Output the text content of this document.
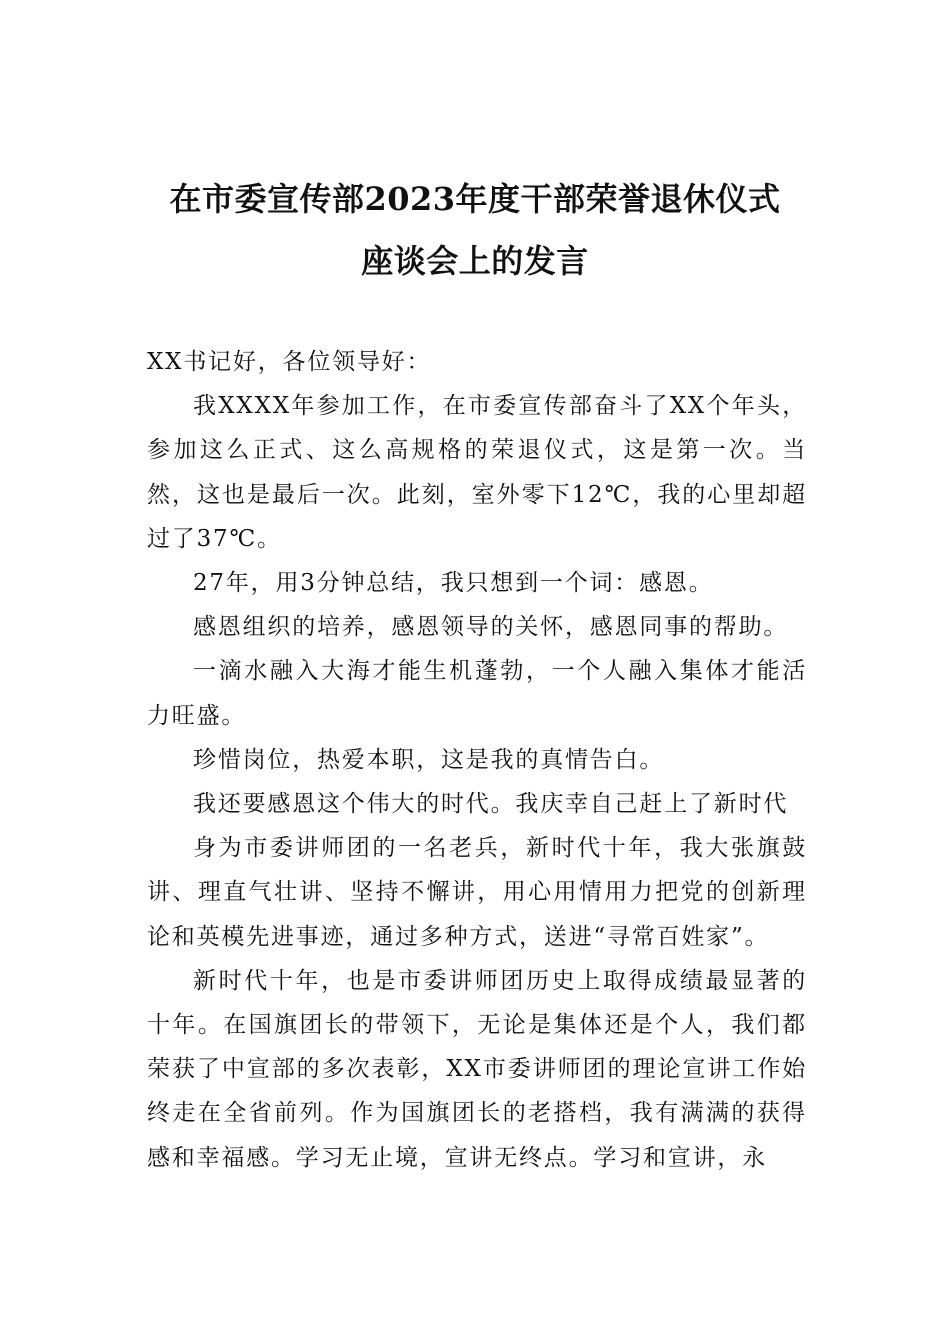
在市委宣传部2023年度干部荣誉退休仪式
座谈会上的发言

XX书记好，各位领导好：

我XXXX年参加工作，在市委宣传部奋斗了XX个年头，参加这么正式、这么高规格的荣退仪式，这是第一次。当然，这也是最后一次。此刻，室外零下12℃，我的心里却超过了37℃。

27年，用3分钟总结，我只想到一个词：感恩。

感恩组织的培养，感恩领导的关怀，感恩同事的帮助。

一滴水融入大海才能生机蓬勃，一个人融入集体才能活力旺盛。

珍惜岗位，热爱本职，这是我的真情告白。

我还要感恩这个伟大的时代。我庆幸自己赶上了新时代

身为市委讲师团的一名老兵，新时代十年，我大张旗鼓讲、理直气壮讲、坚持不懈讲，用心用情用力把党的创新理论和英模先进事迹，通过多种方式，送进“寻常百姓家”。

新时代十年，也是市委讲师团历史上取得成绩最显著的十年。在国旗团长的带领下，无论是集体还是个人，我们都荣获了中宣部的多次表彰，XX市委讲师团的理论宣讲工作始终走在全省前列。作为国旗团长的老搭档，我有满满的获得感和幸福感。学习无止境，宣讲无终点。学习和宣讲，永
